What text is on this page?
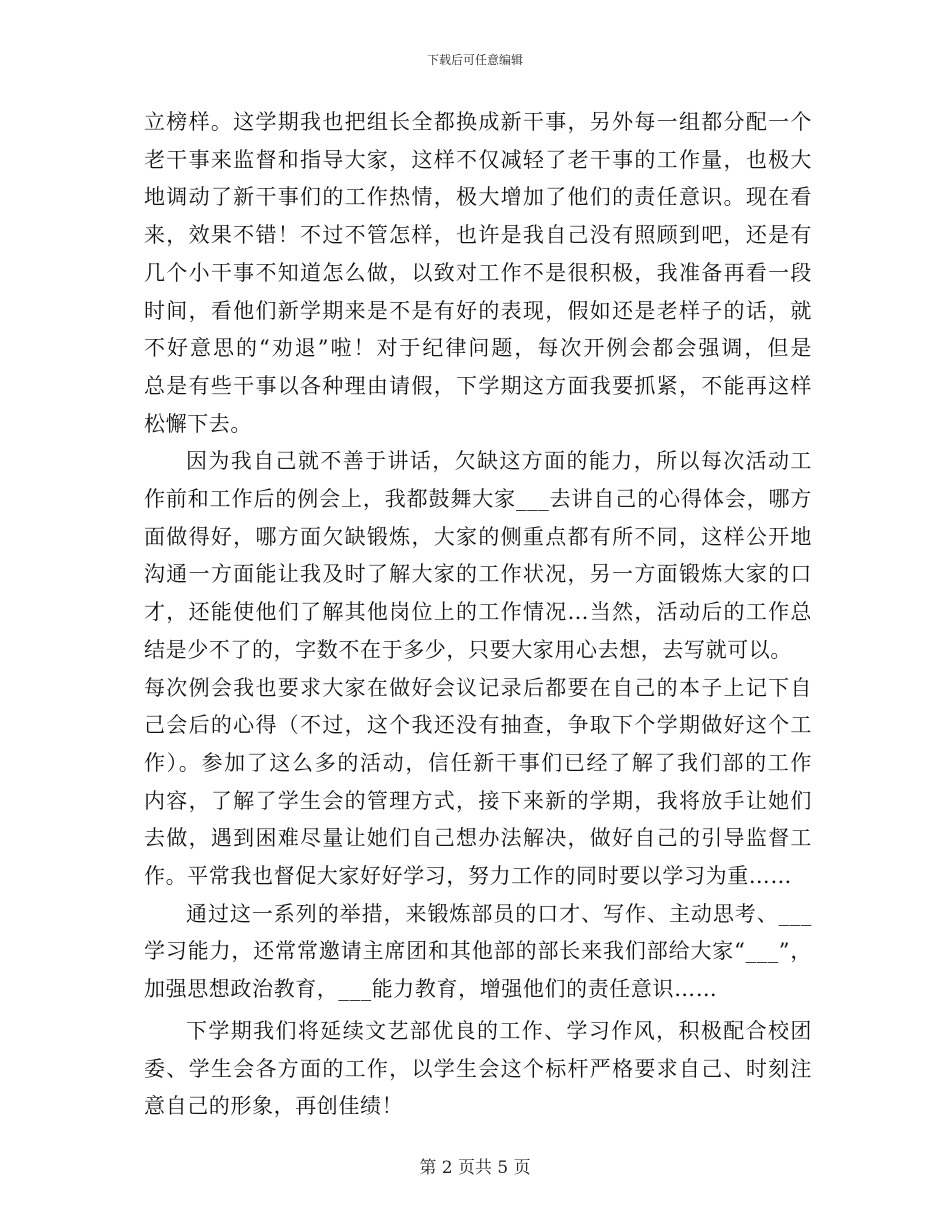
下载后可任意编辑
立榜样。这学期我也把组长全都换成新干事，另外每一组都分配一个
老干事来监督和指导大家，这样不仅减轻了老干事的工作量，也极大
地调动了新干事们的工作热情，极大增加了他们的责任意识。现在看
来，效果不错！不过不管怎样，也许是我自己没有照顾到吧，还是有
几个小干事不知道怎么做，以致对工作不是很积极，我准备再看一段
时间，看他们新学期来是不是有好的表现，假如还是老样子的话，就
不好意思的“劝退”啦！对于纪律问题，每次开例会都会强调，但是
总是有些干事以各种理由请假，下学期这方面我要抓紧，不能再这样
松懈下去。
因为我自己就不善于讲话，欠缺这方面的能力，所以每次活动工
作前和工作后的例会上，我都鼓舞大家___去讲自己的心得体会，哪方
面做得好，哪方面欠缺锻炼，大家的侧重点都有所不同，这样公开地
沟通一方面能让我及时了解大家的工作状况，另一方面锻炼大家的口
才，还能使他们了解其他岗位上的工作情况…当然，活动后的工作总
结是少不了的，字数不在于多少，只要大家用心去想，去写就可以。
每次例会我也要求大家在做好会议记录后都要在自己的本子上记下自
己会后的心得（不过，这个我还没有抽查，争取下个学期做好这个工
作）。参加了这么多的活动，信任新干事们已经了解了我们部的工作
内容，了解了学生会的管理方式，接下来新的学期，我将放手让她们
去做，遇到困难尽量让她们自己想办法解决，做好自己的引导监督工
作。平常我也督促大家好好学习，努力工作的同时要以学习为重……
通过这一系列的举措，来锻炼部员的口才、写作、主动思考、___
学习能力，还常常邀请主席团和其他部的部长来我们部给大家“___”，
加强思想政治教育，___能力教育，增强他们的责任意识……
下学期我们将延续文艺部优良的工作、学习作风，积极配合校团
委、学生会各方面的工作，以学生会这个标杆严格要求自己、时刻注
意自己的形象，再创佳绩！
第 2 页共 5 页
